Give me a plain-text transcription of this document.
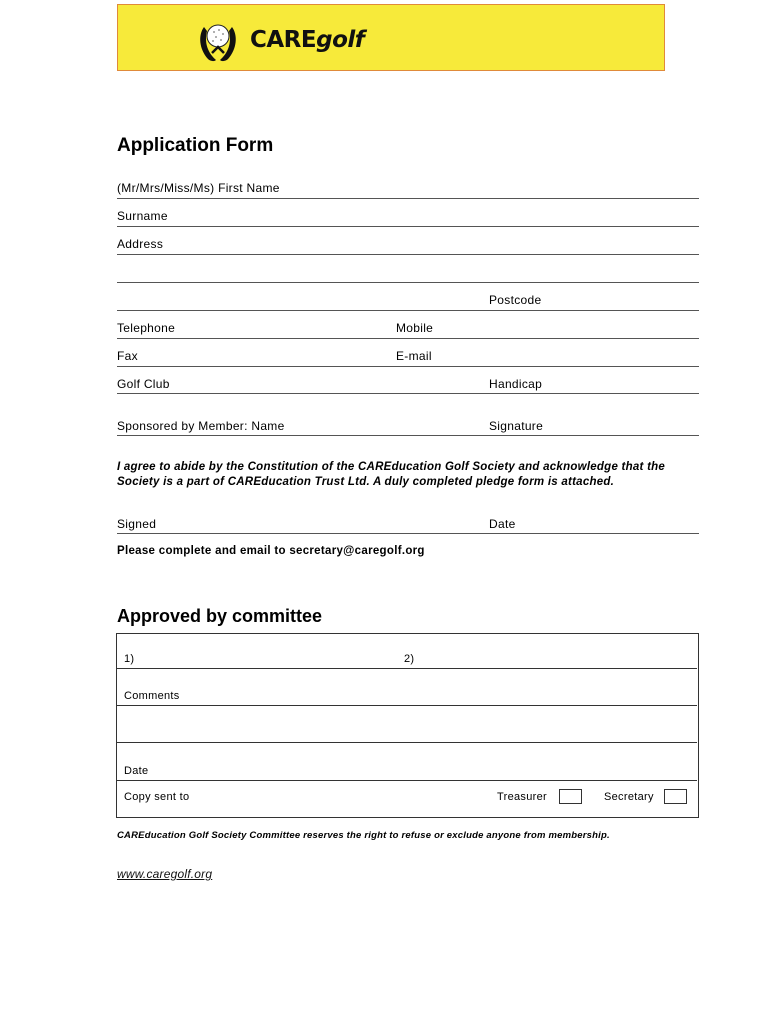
CAREgolf
Application Form
(Mr/Mrs/Miss/Ms) First Name
Surname
Address
Postcode
Telephone	Mobile
Fax	E-mail
Golf Club	Handicap
Sponsored by Member: Name	Signature
I agree to abide by the Constitution of the CAREducation Golf Society and acknowledge that the Society is a part of CAREducation Trust Ltd. A duly completed pledge form is attached.
Signed	Date
Please complete and email to secretary@caregolf.org
Approved by committee
1)	2)
Comments
Date
Copy sent to	Treasurer	Secretary
CAREducation Golf Society Committee reserves the right to refuse or exclude anyone from membership.
www.caregolf.org
